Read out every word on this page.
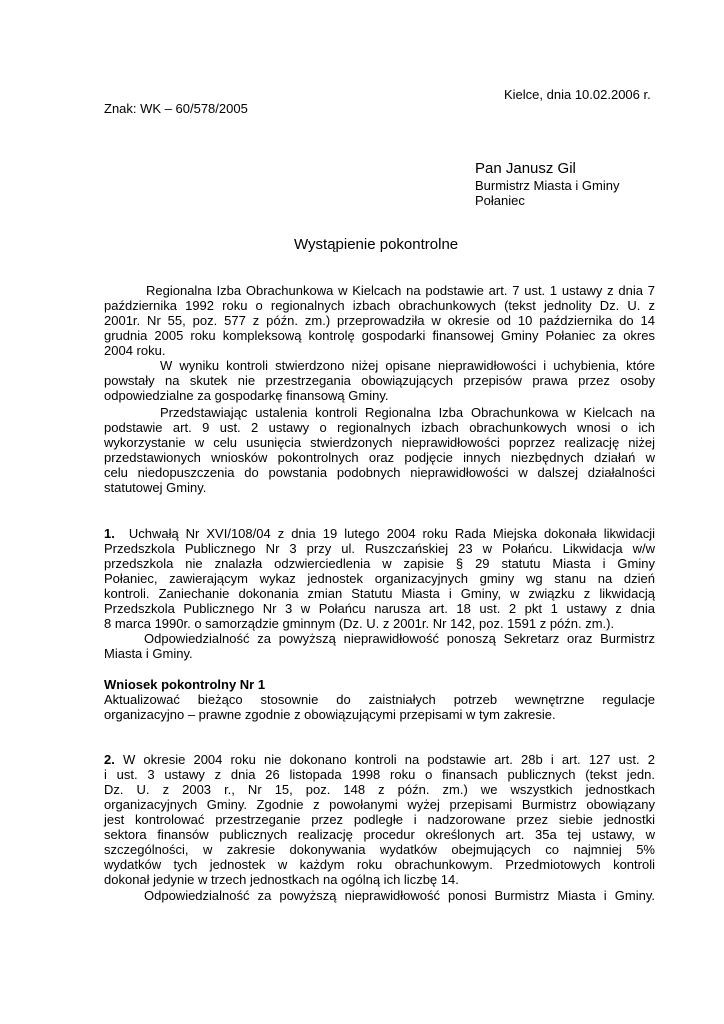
Kielce, dnia 10.02.2006 r.
Znak: WK – 60/578/2005
Pan Janusz Gil
Burmistrz Miasta i Gminy
Połaniec
Wystąpienie pokontrolne
Regionalna Izba Obrachunkowa w Kielcach na podstawie art. 7 ust. 1 ustawy z dnia 7
października 1992 roku o regionalnych izbach obrachunkowych (tekst jednolity Dz. U. z
2001r. Nr 55, poz. 577 z późn. zm.) przeprowadziła w okresie od 10 października do 14
grudnia 2005 roku kompleksową kontrolę gospodarki finansowej Gminy Połaniec za okres
2004 roku.
W wyniku kontroli stwierdzono niżej opisane nieprawidłowości i uchybienia, które
powstały na skutek nie przestrzegania obowiązujących przepisów prawa przez osoby
odpowiedzialne za gospodarkę finansową Gminy.
Przedstawiając ustalenia kontroli Regionalna Izba Obrachunkowa w Kielcach na
podstawie art. 9 ust. 2 ustawy o regionalnych izbach obrachunkowych wnosi o ich
wykorzystanie w celu usunięcia stwierdzonych nieprawidłowości poprzez realizację niżej
przedstawionych wniosków pokontrolnych oraz podjęcie innych niezbędnych działań w
celu niedopuszczenia do powstania podobnych nieprawidłowości w dalszej działalności
statutowej Gminy.
1. Uchwałą Nr XVI/108/04 z dnia 19 lutego 2004 roku Rada Miejska dokonała likwidacji
Przedszkola Publicznego Nr 3 przy ul. Ruszczańskiej 23 w Połańcu. Likwidacja w/w
przedszkola nie znalazła odzwierciedlenia w zapisie § 29 statutu Miasta i Gminy
Połaniec, zawierającym wykaz jednostek organizacyjnych gminy wg stanu na dzień
kontroli. Zaniechanie dokonania zmian Statutu Miasta i Gminy, w związku z likwidacją
Przedszkola Publicznego Nr 3 w Połańcu narusza art. 18 ust. 2 pkt 1 ustawy z dnia
8 marca 1990r. o samorządzie gminnym (Dz. U. z 2001r. Nr 142, poz. 1591 z późn. zm.).
Odpowiedzialność za powyższą nieprawidłowość ponoszą Sekretarz oraz Burmistrz
Miasta i Gminy.
Wniosek pokontrolny Nr 1
Aktualizować bieżąco stosownie do zaistniałych potrzeb wewnętrzne regulacje
organizacyjno – prawne zgodnie z obowiązującymi przepisami w tym zakresie.
2. W okresie 2004 roku nie dokonano kontroli na podstawie art. 28b i art. 127 ust. 2
i ust. 3 ustawy z dnia 26 listopada 1998 roku o finansach publicznych (tekst jedn.
Dz. U. z 2003 r., Nr 15, poz. 148 z późn. zm.) we wszystkich jednostkach
organizacyjnych Gminy. Zgodnie z powołanymi wyżej przepisami Burmistrz obowiązany
jest kontrolować przestrzeganie przez podległe i nadzorowane przez siebie jednostki
sektora finansów publicznych realizację procedur określonych art. 35a tej ustawy, w
szczególności, w zakresie dokonywania wydatków obejmujących co najmniej 5%
wydatków tych jednostek w każdym roku obrachunkowym. Przedmiotowych kontroli
dokonał jedynie w trzech jednostkach na ogólną ich liczbę 14.
Odpowiedzialność za powyższą nieprawidłowość ponosi Burmistrz Miasta i Gminy.
